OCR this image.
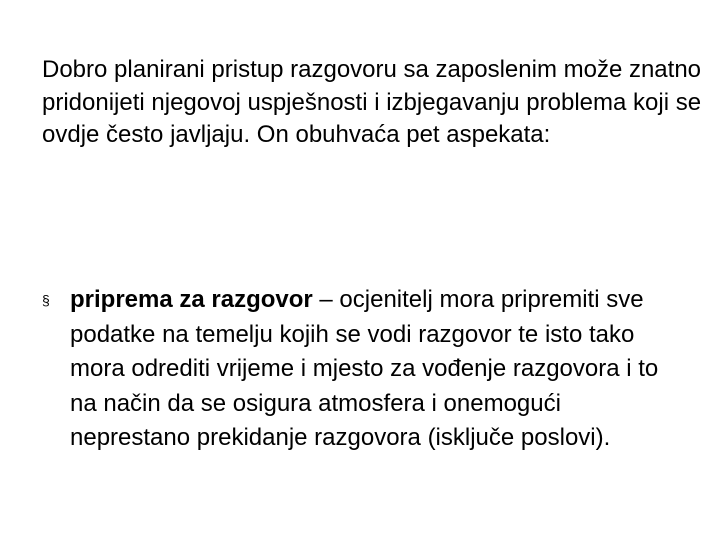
Dobro planirani pristup razgovoru sa zaposlenim može znatno

pridonijeti njegovoj uspješnosti i izbjegavanju problema koji se

ovdje često javljaju. On obuhvaća pet aspekata:

§ priprema za razgovor – ocjenitelj mora pripremiti sve podatke na temelju kojih se vodi razgovor te isto tako mora odrediti vrijeme i mjesto za vođenje razgovora i to na način da se osigura atmosfera i onemogući neprestano prekidanje razgovora (isključe poslovi).
